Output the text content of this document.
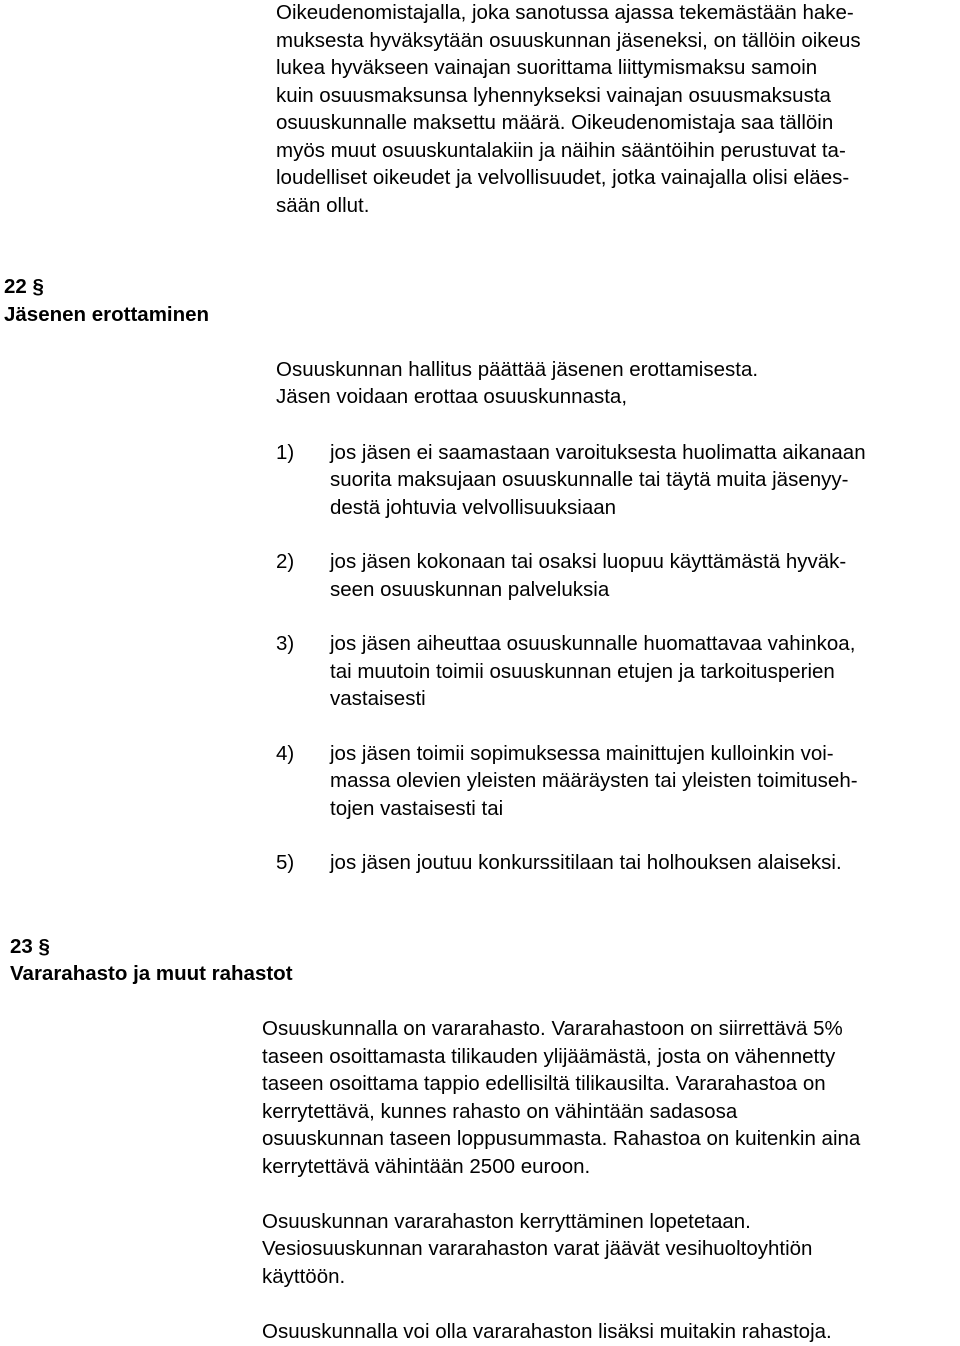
Oikeudenomistajalla, joka sanotussa ajassa tekemästään hake-
muksesta hyväksytään osuuskunnan jäseneksi, on tällöin oikeus
lukea hyväkseen vainajan suorittama liittymismaksu samoin
kuin osuusmaksunsa lyhennykseksi vainajan osuusmaksusta
osuuskunnalle maksettu määrä. Oikeudenomistaja saa tällöin
myös muut osuuskuntalakiin ja näihin sääntöihin perustuvat ta-
loudelliset oikeudet ja velvollisuudet, jotka vainajalla olisi eläes-
sään ollut.
22 §
Jäsenen erottaminen
Osuuskunnan hallitus päättää jäsenen erottamisesta.
Jäsen voidaan erottaa osuuskunnasta,
1) jos jäsen ei saamastaan varoituksesta huolimatta aikanaan
suorita maksujaan osuuskunnalle tai täytä muita jäsenyy-
destä johtuvia velvollisuuksiaan
2) jos jäsen kokonaan tai osaksi luopuu käyttämästä hyväk-
seen osuuskunnan palveluksia
3) jos jäsen aiheuttaa osuuskunnalle huomattavaa vahinkoa,
tai muutoin toimii osuuskunnan etujen ja tarkoitusperien
vastaisesti
4) jos jäsen toimii sopimuksessa mainittujen kulloinkin voi-
massa olevien yleisten määräysten tai yleisten toimituseh-
tojen vastaisesti tai
5) jos jäsen joutuu konkurssitilaan tai holhouksen alaiseksi.
23 §
Vararahasto ja muut rahastot
Osuuskunnalla on vararahasto. Vararahastoon on siirrettävä 5%
taseen osoittamasta tilikauden ylijäämästä, josta on vähennetty
taseen osoittama tappio edellisiltä tilikausilta. Vararahastoa on
kerrytettävä, kunnes rahasto on vähintään sadasosa
osuuskunnan taseen loppusummasta. Rahastoa on kuitenkin aina
kerrytettävä vähintään 2500 euroon.
Osuuskunnan vararahaston kerryttäminen lopetetaan.
Vesiosuuskunnan vararahaston varat jäävät vesihuoltoyhtiön
käyttöön.
Osuuskunnalla voi olla vararahaston lisäksi muitakin rahastoja.
